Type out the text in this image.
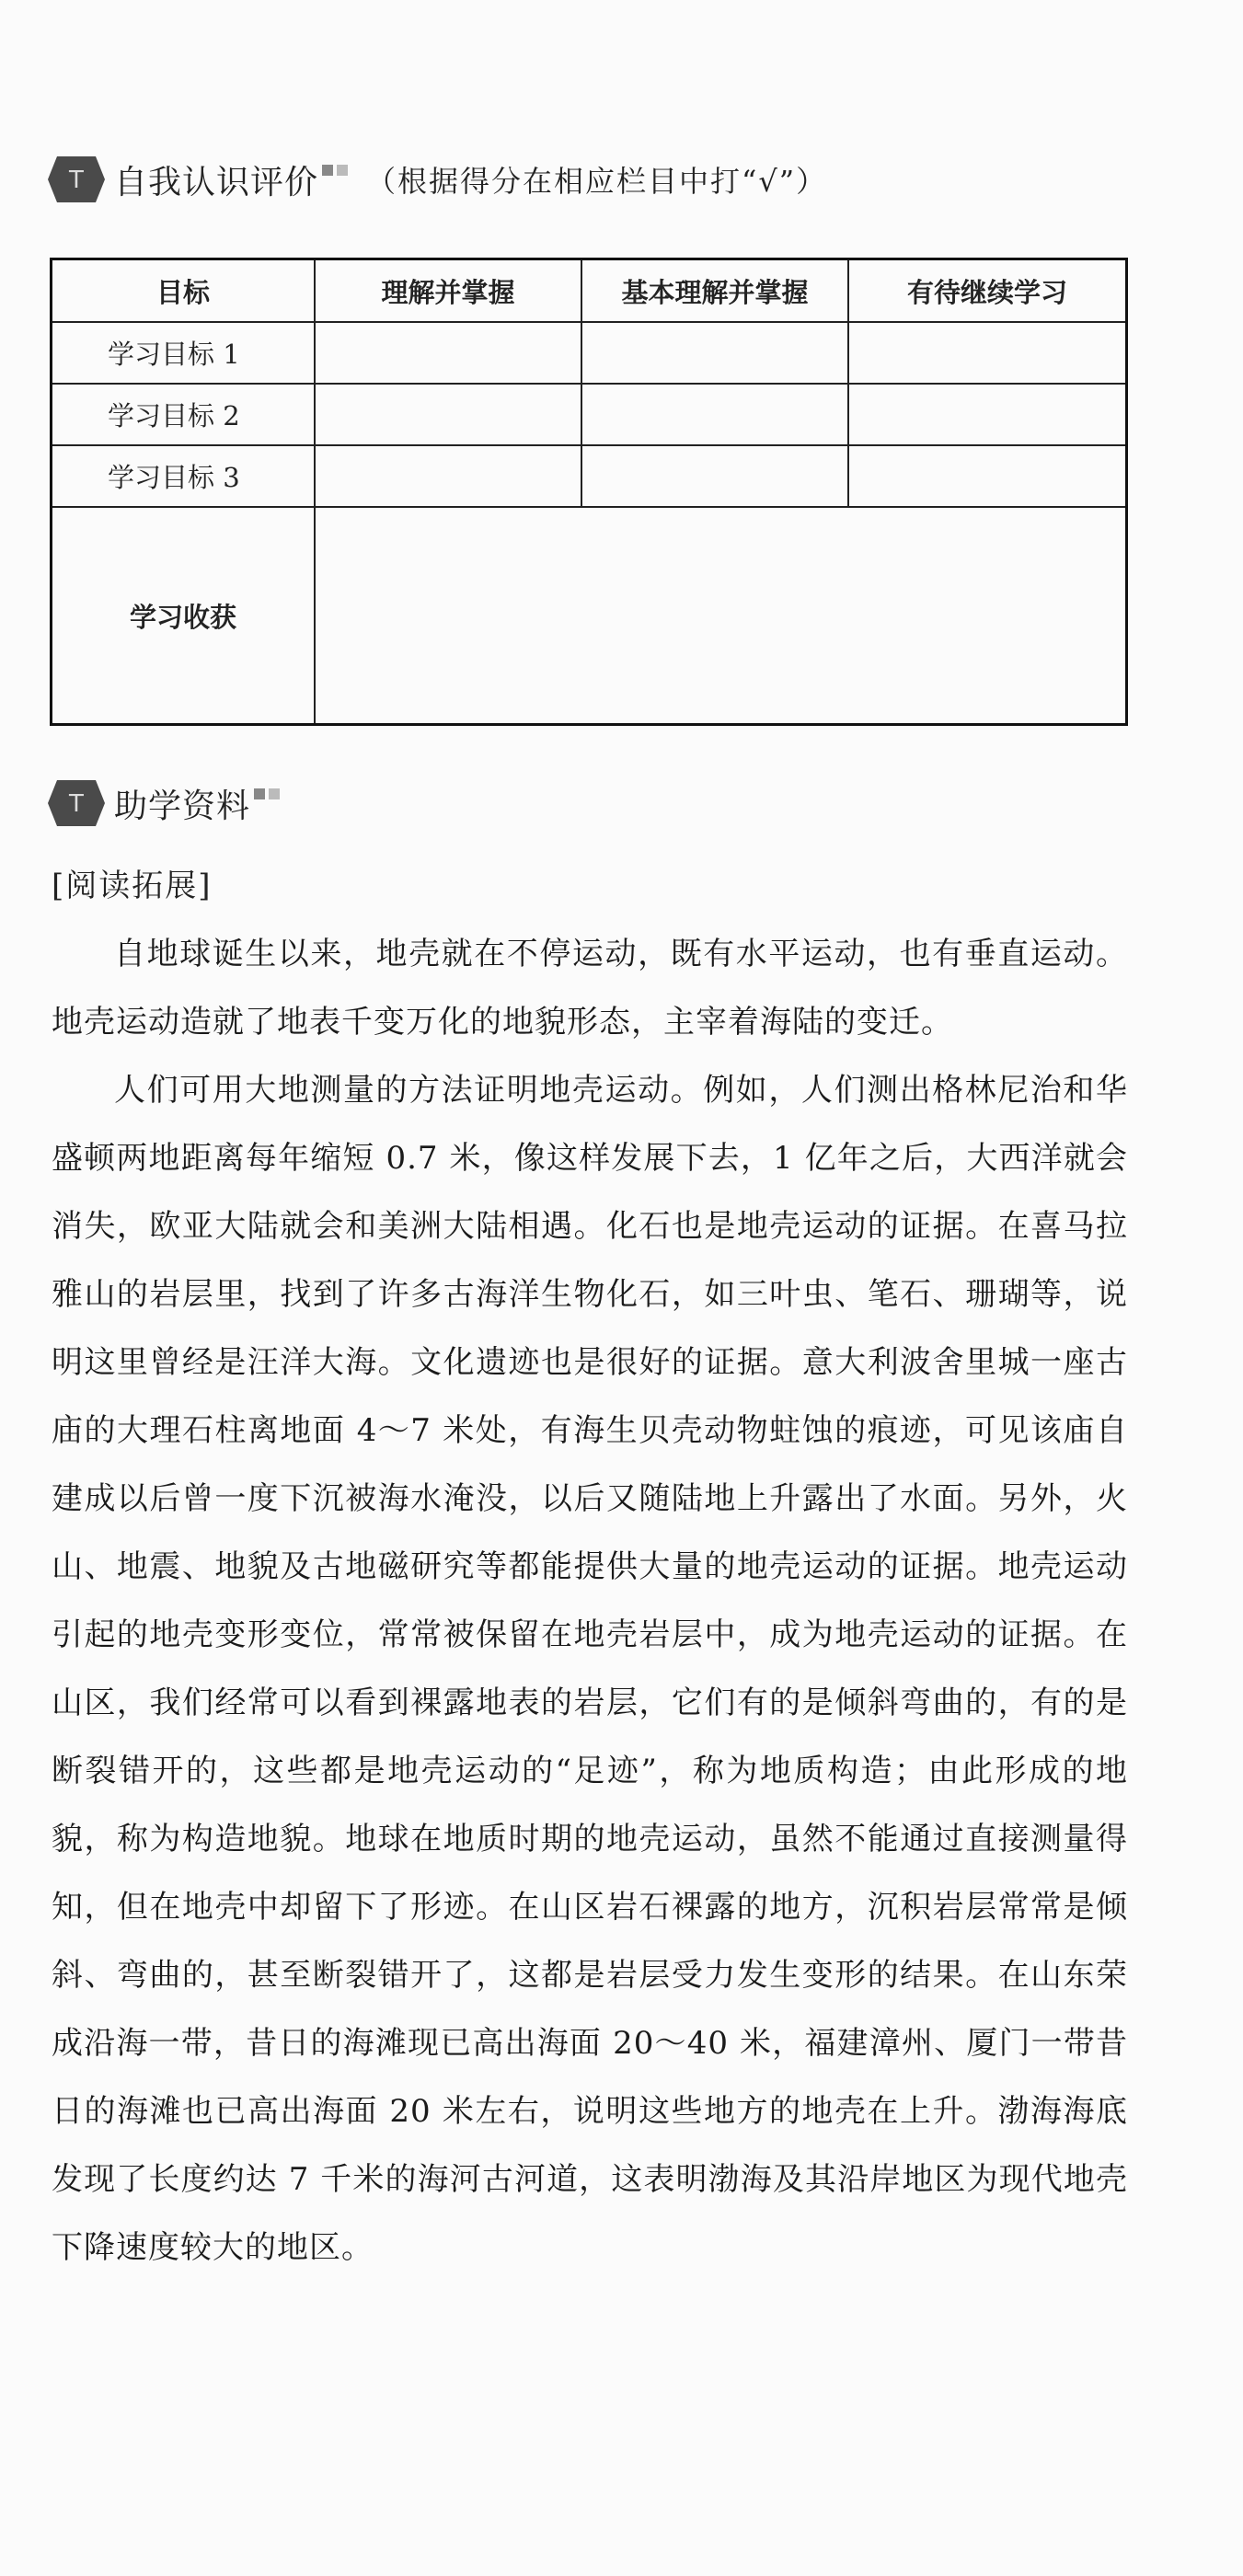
T 自我认识评价 （根据得分在相应栏目中打“√”）
目标	理解并掌握	基本理解并掌握	有待继续学习
学习目标 1			
学习目标 2			
学习目标 3			
学习收获			
T 助学资料
[阅读拓展]

自地球诞生以来，地壳就在不停运动，既有水平运动，也有垂直运动。地壳运动造就了地表千变万化的地貌形态，主宰着海陆的变迁。

人们可用大地测量的方法证明地壳运动。例如，人们测出格林尼治和华盛顿两地距离每年缩短 0.7 米，像这样发展下去，1 亿年之后，大西洋就会消失，欧亚大陆就会和美洲大陆相遇。化石也是地壳运动的证据。在喜马拉雅山的岩层里，找到了许多古海洋生物化石，如三叶虫、笔石、珊瑚等，说明这里曾经是汪洋大海。文化遗迹也是很好的证据。意大利波舍里城一座古庙的大理石柱离地面 4～7 米处，有海生贝壳动物蛀蚀的痕迹，可见该庙自建成以后曾一度下沉被海水淹没，以后又随陆地上升露出了水面。另外，火山、地震、地貌及古地磁研究等都能提供大量的地壳运动的证据。地壳运动引起的地壳变形变位，常常被保留在地壳岩层中，成为地壳运动的证据。在山区，我们经常可以看到裸露地表的岩层，它们有的是倾斜弯曲的，有的是断裂错开的，这些都是地壳运动的“足迹”，称为地质构造；由此形成的地貌，称为构造地貌。地球在地质时期的地壳运动，虽然不能通过直接测量得知，但在地壳中却留下了形迹。在山区岩石裸露的地方，沉积岩层常常是倾斜、弯曲的，甚至断裂错开了，这都是岩层受力发生变形的结果。在山东荣成沿海一带，昔日的海滩现已高出海面 20～40 米，福建漳州、厦门一带昔日的海滩也已高出海面 20 米左右，说明这些地方的地壳在上升。渤海海底发现了长度约达 7 千米的海河古河道，这表明渤海及其沿岸地区为现代地壳下降速度较大的地区。
